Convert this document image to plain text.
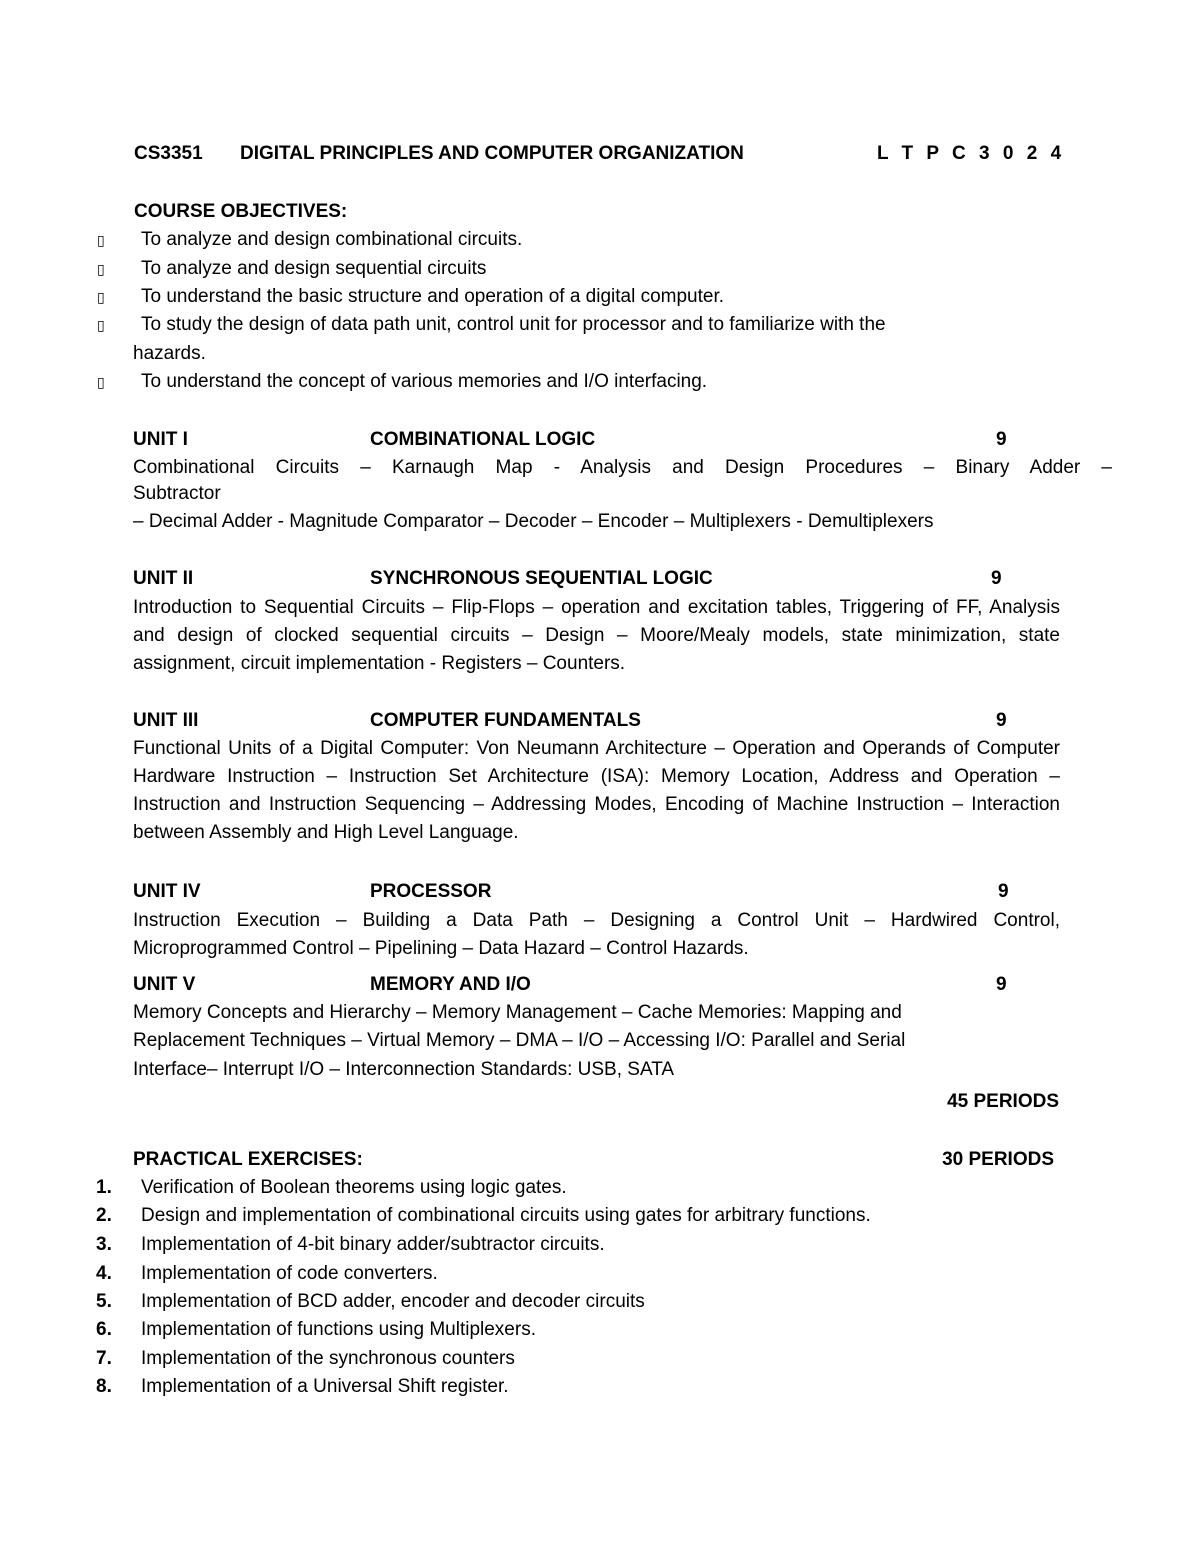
CS3351 DIGITAL PRINCIPLES AND COMPUTER ORGANIZATION	L T P C 3 0 2 4
COURSE OBJECTIVES:
▯ To analyze and design combinational circuits.
▯ To analyze and design sequential circuits
▯ To understand the basic structure and operation of a digital computer.
▯ To study the design of data path unit, control unit for processor and to familiarize with the
hazards.
▯ To understand the concept of various memories and I/O interfacing.
UNIT I	COMBINATIONAL LOGIC	9
Combinational Circuits – Karnaugh Map - Analysis and Design Procedures – Binary Adder –
Subtractor
– Decimal Adder - Magnitude Comparator – Decoder – Encoder – Multiplexers - Demultiplexers
UNIT II	SYNCHRONOUS SEQUENTIAL LOGIC	9
Introduction to Sequential Circuits – Flip-Flops – operation and excitation tables, Triggering of FF, Analysis and design of clocked sequential circuits – Design – Moore/Mealy models, state minimization, state assignment, circuit implementation - Registers – Counters.
UNIT III	COMPUTER FUNDAMENTALS	9
Functional Units of a Digital Computer: Von Neumann Architecture – Operation and Operands of Computer Hardware Instruction – Instruction Set Architecture (ISA): Memory Location, Address and Operation – Instruction and Instruction Sequencing – Addressing Modes, Encoding of Machine Instruction – Interaction between Assembly and High Level Language.
UNIT IV	PROCESSOR	9
Instruction Execution – Building a Data Path – Designing a Control Unit – Hardwired Control, Microprogrammed Control – Pipelining – Data Hazard – Control Hazards.
UNIT V	MEMORY AND I/O	9
Memory Concepts and Hierarchy – Memory Management – Cache Memories: Mapping and
Replacement Techniques – Virtual Memory – DMA – I/O – Accessing I/O: Parallel and Serial
Interface– Interrupt I/O – Interconnection Standards: USB, SATA
45 PERIODS
PRACTICAL EXERCISES:	30 PERIODS
1. Verification of Boolean theorems using logic gates.
2. Design and implementation of combinational circuits using gates for arbitrary functions.
3. Implementation of 4-bit binary adder/subtractor circuits.
4. Implementation of code converters.
5. Implementation of BCD adder, encoder and decoder circuits
6. Implementation of functions using Multiplexers.
7. Implementation of the synchronous counters
8. Implementation of a Universal Shift register.
